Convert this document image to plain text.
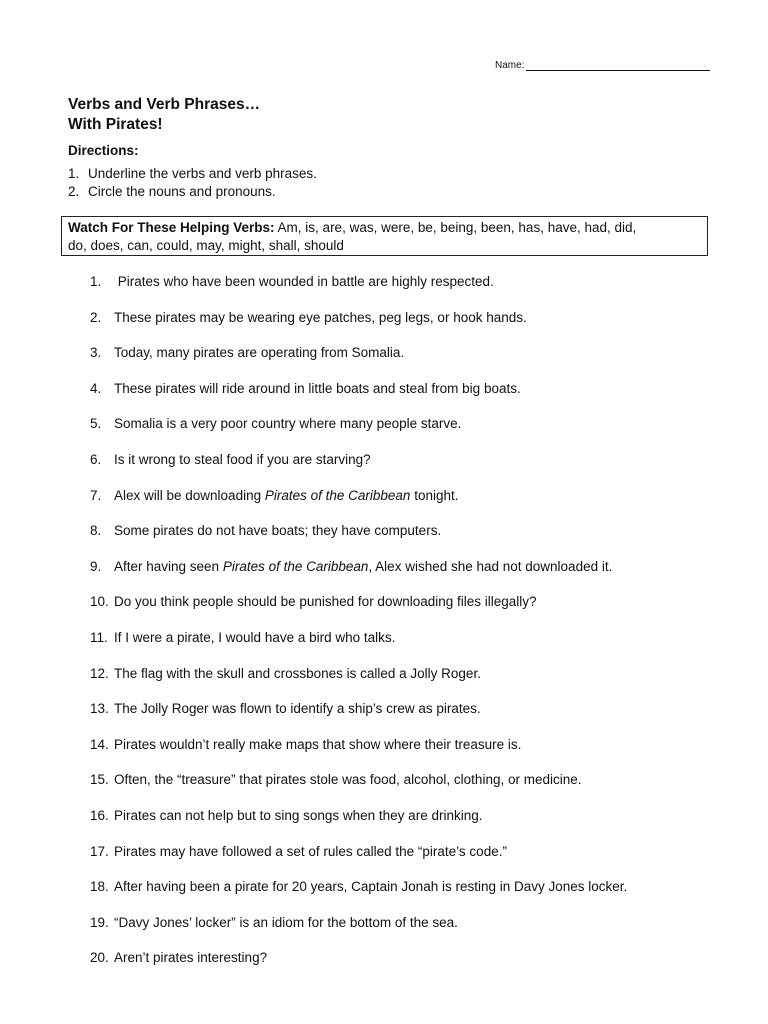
Name:
Verbs and Verb Phrases…
With Pirates!
Directions:
1. Underline the verbs and verb phrases.
2. Circle the nouns and pronouns.
Watch For These Helping Verbs: Am, is, are, was, were, be, being, been, has, have, had, did,
do, does, can, could, may, might, shall, should
1. Pirates who have been wounded in battle are highly respected.
2. These pirates may be wearing eye patches, peg legs, or hook hands.
3. Today, many pirates are operating from Somalia.
4. These pirates will ride around in little boats and steal from big boats.
5. Somalia is a very poor country where many people starve.
6. Is it wrong to steal food if you are starving?
7. Alex will be downloading Pirates of the Caribbean tonight.
8. Some pirates do not have boats; they have computers.
9. After having seen Pirates of the Caribbean, Alex wished she had not downloaded it.
10. Do you think people should be punished for downloading files illegally?
11. If I were a pirate, I would have a bird who talks.
12. The flag with the skull and crossbones is called a Jolly Roger.
13. The Jolly Roger was flown to identify a ship’s crew as pirates.
14. Pirates wouldn’t really make maps that show where their treasure is.
15. Often, the “treasure” that pirates stole was food, alcohol, clothing, or medicine.
16. Pirates can not help but to sing songs when they are drinking.
17. Pirates may have followed a set of rules called the “pirate’s code.”
18. After having been a pirate for 20 years, Captain Jonah is resting in Davy Jones locker.
19. “Davy Jones’ locker” is an idiom for the bottom of the sea.
20. Aren’t pirates interesting?
